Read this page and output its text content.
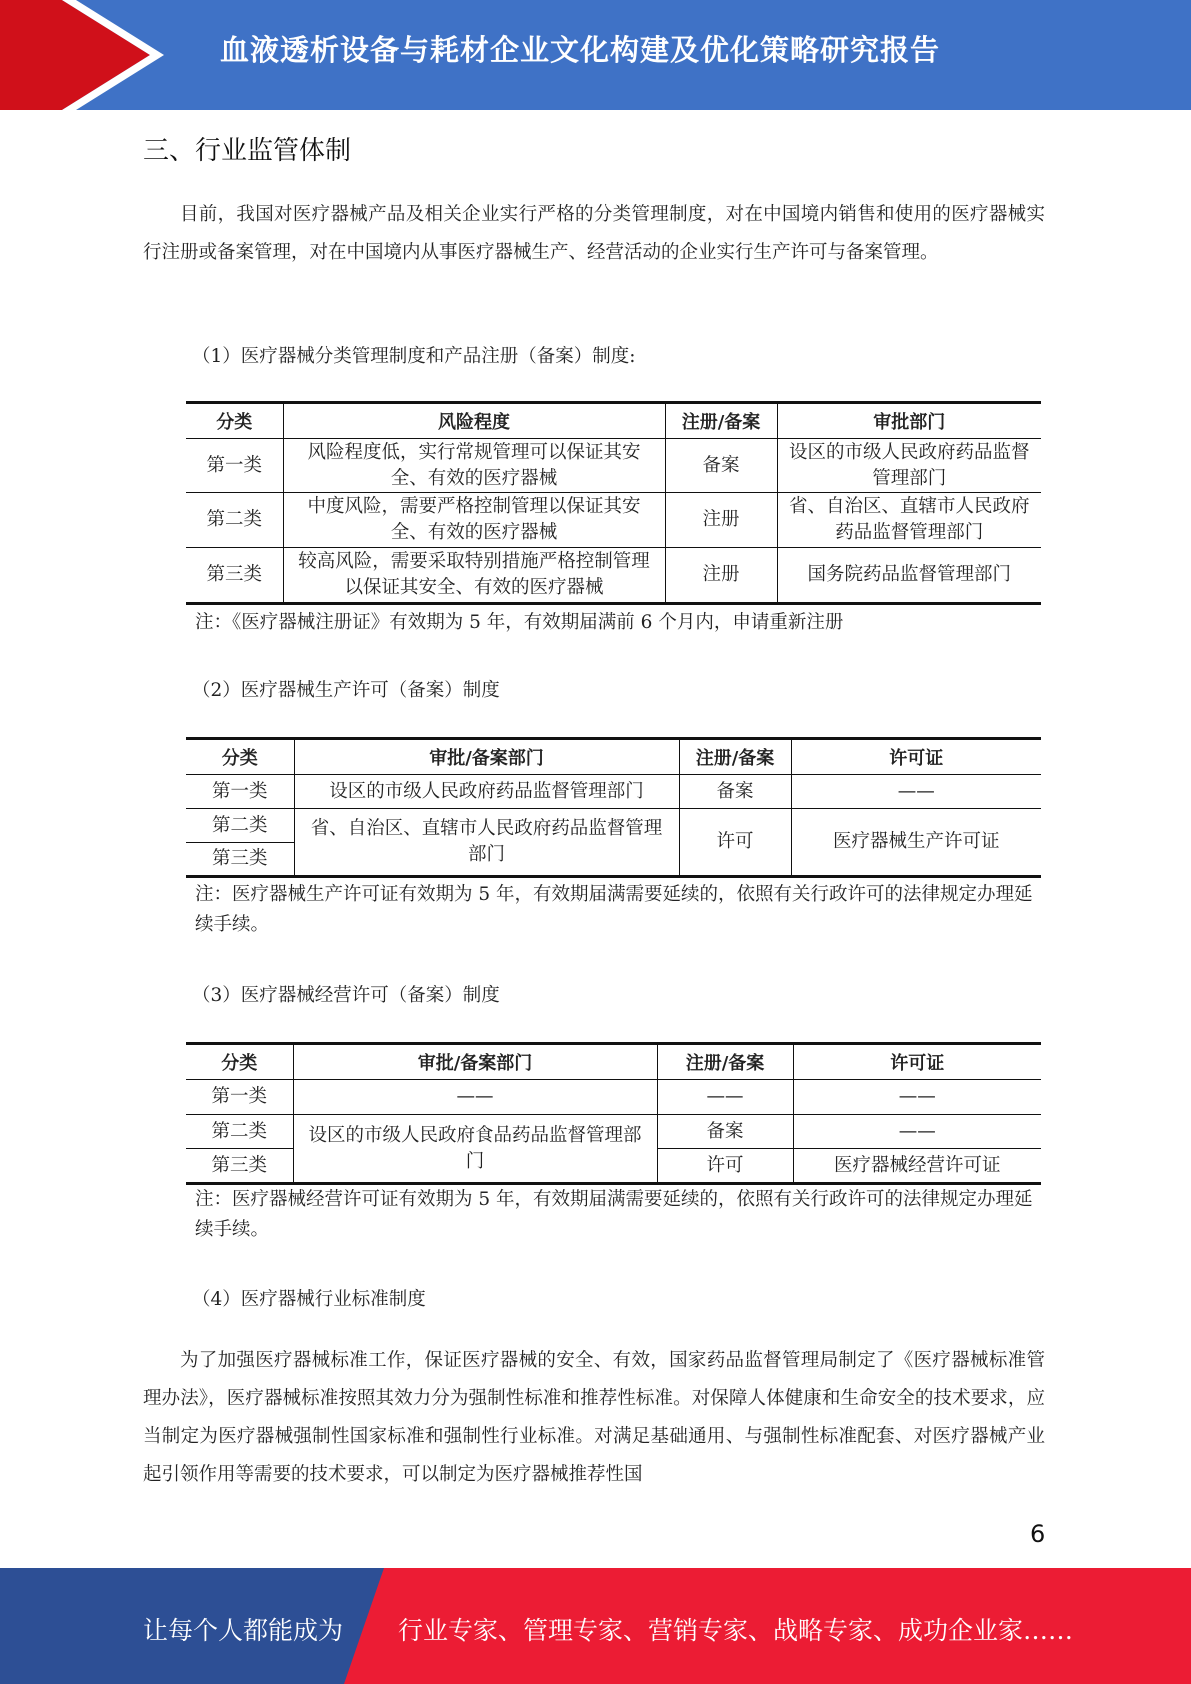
血液透析设备与耗材企业文化构建及优化策略研究报告
三、行业监管体制
目前，我国对医疗器械产品及相关企业实行严格的分类管理制度，对在中国境内销售和使用的医疗器械实行注册或备案管理，对在中国境内从事医疗器械生产、经营活动的企业实行生产许可与备案管理。
（1）医疗器械分类管理制度和产品注册（备案）制度:
分类	风险程度	注册/备案	审批部门
第一类	风险程度低，实行常规管理可以保证其安全、有效的医疗器械	备案	设区的市级人民政府药品监督管理部门
第二类	中度风险，需要严格控制管理以保证其安全、有效的医疗器械	注册	省、自治区、直辖市人民政府药品监督管理部门
第三类	较高风险，需要采取特别措施严格控制管理以保证其安全、有效的医疗器械	注册	国务院药品监督管理部门
注：《医疗器械注册证》有效期为 5 年，有效期届满前 6 个月内，申请重新注册
（2）医疗器械生产许可（备案）制度
分类	审批/备案部门	注册/备案	许可证
第一类	设区的市级人民政府药品监督管理部门	备案	——
第二类	省、自治区、直辖市人民政府药品监督管理部门	许可	医疗器械生产许可证
第三类			
注：医疗器械生产许可证有效期为 5 年，有效期届满需要延续的，依照有关行政许可的法律规定办理延续手续。
（3）医疗器械经营许可（备案）制度
分类	审批/备案部门	注册/备案	许可证
第一类	——	——	——
第二类	设区的市级人民政府食品药品监督管理部门	备案	——
第三类		许可	医疗器械经营许可证
注：医疗器械经营许可证有效期为 5 年，有效期届满需要延续的，依照有关行政许可的法律规定办理延续手续。
（4）医疗器械行业标准制度
为了加强医疗器械标准工作，保证医疗器械的安全、有效，国家药品监督管理局制定了《医疗器械标准管理办法》，医疗器械标准按照其效力分为强制性标准和推荐性标准。对保障人体健康和生命安全的技术要求，应当制定为医疗器械强制性国家标准和强制性行业标准。对满足基础通用、与强制性标准配套、对医疗器械产业起引领作用等需要的技术要求，可以制定为医疗器械推荐性国
6
让每个人都能成为 行业专家、管理专家、营销专家、战略专家、成功企业家……
